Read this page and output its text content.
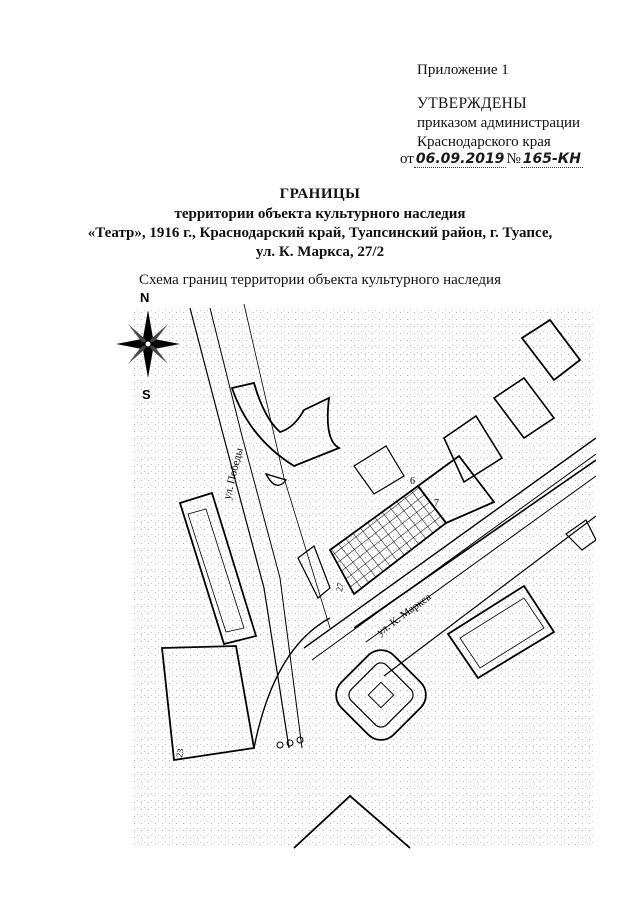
Приложение 1
УТВЕРЖДЕНЫ
приказом администрации
Краснодарского края
от 06.09.2019 № 165-КН
ГРАНИЦЫ
территории объекта культурного наследия
«Театр», 1916 г., Краснодарский край, Туапсинский район, г. Туапсе,
ул. К. Маркса, 27/2
Схема границ территории объекта культурного наследия
N
S
ул. Победы
ул. К. Маркса
6
7
27
23
